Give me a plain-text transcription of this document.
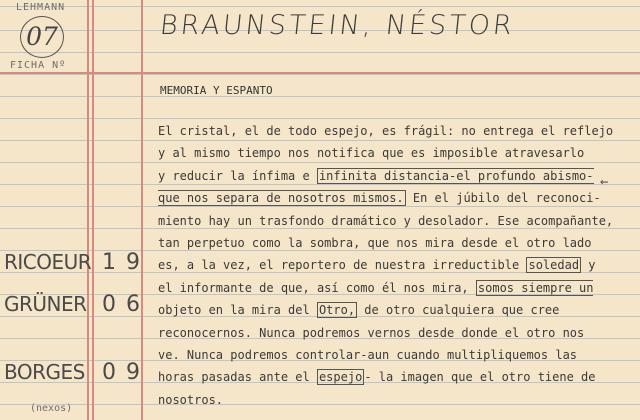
LEHMANN
07
FICHA Nº
BRAUNSTEIN, NÉSTOR
MEMORIA Y ESPANTO
El cristal, el de todo espejo, es frágil: no entrega el reflejo
y al mismo tiempo nos notifica que es imposible atravesarlo
y reducir la ínfima e infinita distancia-el profundo abismo-
que nos separa de nosotros mismos. En el júbilo del reconoci-
miento hay un trasfondo dramático y desolador. Ese acompañante,
tan perpetuo como la sombra, que nos mira desde el otro lado
es, a la vez, el reportero de nuestra irreductible soledad y
el informante de que, así como él nos mira, somos siempre un
objeto en la mira del Otro, de otro cualquiera que cree
reconocernos. Nunca podremos vernos desde donde el otro nos
ve. Nunca podremos controlar-aun cuando multipliquemos las
horas pasadas ante el espejo - la imagen que el otro tiene de
nosotros.
←
RICOEUR 19
GRÜNER 06
BORGES 09
(nexos)
